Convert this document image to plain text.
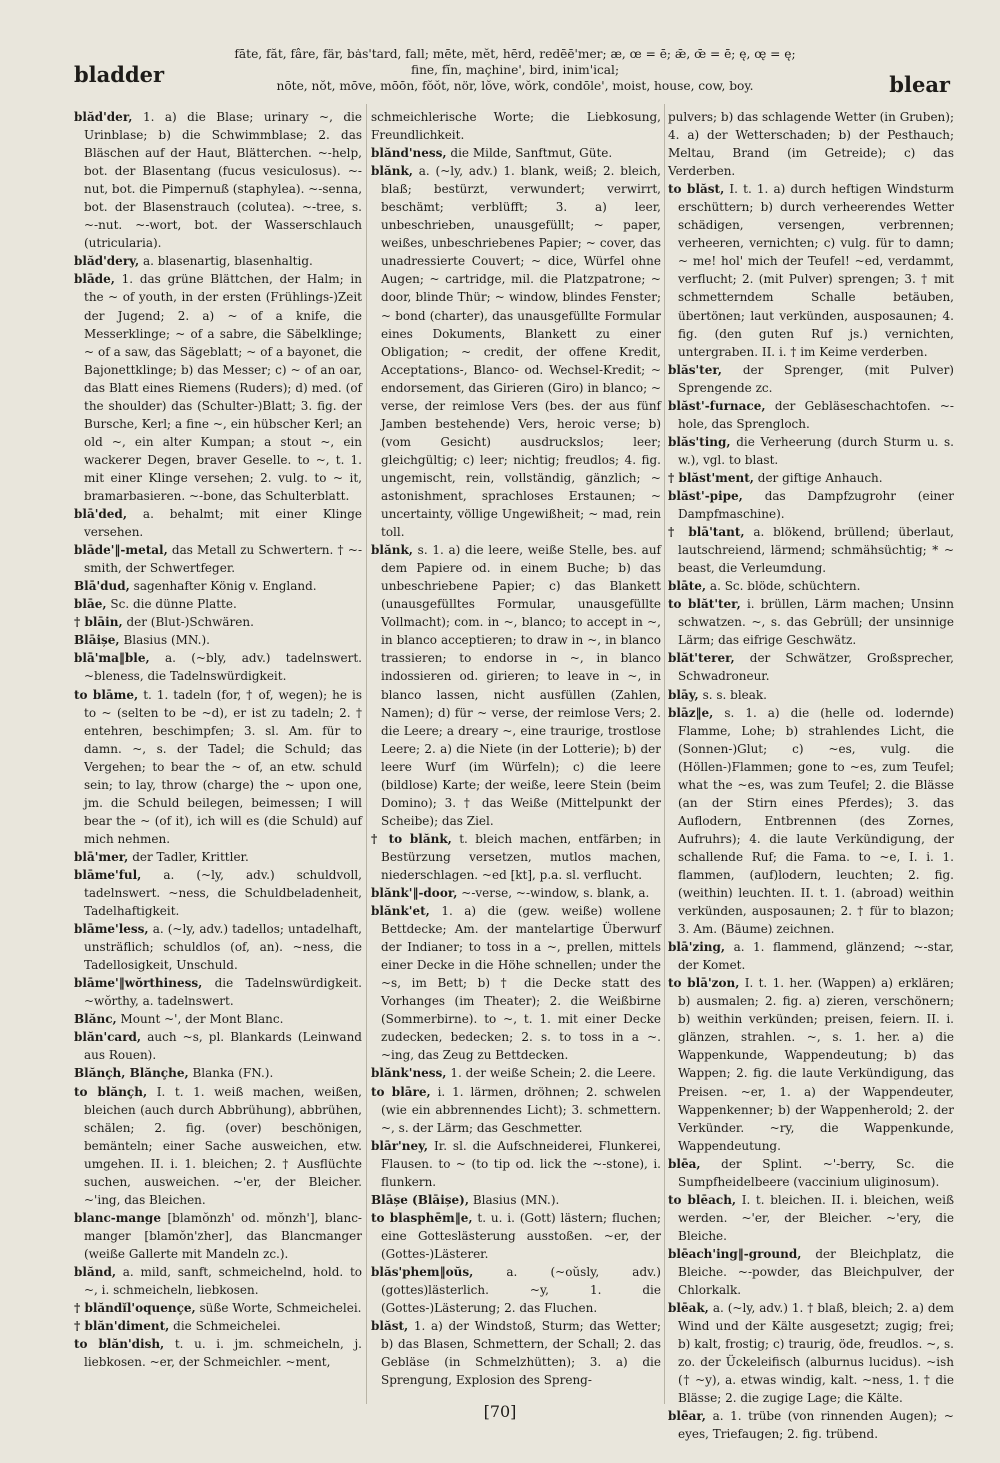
bladder
fāte, făt, fâre, fär, bȧs'tard, fall; mēte, mĕt, hērd, redēē'mer; æ, œ = ē; ǣ, œ̄ = ē; ę, œ̨ = ę;
fine, fĭn, maçhine', bird, inim'ical;
nōte, nŏt, mōve, mōōn, fŏŏt, nör, lŏve, wŏrk, condōle', moist, house, cow, boy.	blear

blăd'der, 1. a) die Blase; urinary ~, die Urinblase; b) die Schwimmblase; 2. das Bläschen auf der Haut, Blätterchen. ~-help, bot. der Blasentang (fucus vesiculosus). ~-nut, bot. die Pimpernuß (staphylea). ~-senna, bot. der Blasenstrauch (colutea). ~-tree, s. ~-nut. ~-wort, bot. der Wasserschlauch (utricularia).

blăd'dery, a. blasenartig, blasenhaltig.

blāde, 1. das grüne Blättchen, der Halm; in the ~ of youth, in der ersten (Frühlings-)Zeit der Jugend; 2. a) ~ of a knife, die Messerklinge; ~ of a sabre, die Säbelklinge; ~ of a saw, das Sägeblatt; ~ of a bayonet, die Bajonettklinge; b) das Messer; c) ~ of an oar, das Blatt eines Riemens (Ruders); d) med. (of the shoulder) das (Schulter-)Blatt; 3. fig. der Bursche, Kerl; a fine ~, ein hübscher Kerl; an old ~, ein alter Kumpan; a stout ~, ein wackerer Degen, braver Geselle. to ~, t. 1. mit einer Klinge versehen; 2. vulg. to ~ it, bramarbasieren. ~-bone, das Schulterblatt.

blā'ded, a. behalmt; mit einer Klinge versehen.

blāde'‖-metal, das Metall zu Schwertern. † ~-smith, der Schwertfeger.

Blā'dud, sagenhafter König v. England.

blāe, Sc. die dünne Platte.

† blāin, der (Blut-)Schwären.

Blāișe, Blasius (MN.).

blā'ma‖ble, a. (~bly, adv.) tadelnswert. ~bleness, die Tadelnswürdigkeit.

to blāme, t. 1. tadeln (for, † of, wegen); he is to ~ (selten to be ~d), er ist zu tadeln; 2. † entehren, beschimpfen; 3. sl. Am. für to damn. ~, s. der Tadel; die Schuld; das Vergehen; to bear the ~ of, an etw. schuld sein; to lay, throw (charge) the ~ upon one, jm. die Schuld beilegen, beimessen; I will bear the ~ (of it), ich will es (die Schuld) auf mich nehmen.

blā'mer, der Tadler, Krittler.

blāme'ful, a. (~ly, adv.) schuldvoll, tadelnswert. ~ness, die Schuldbeladenheit, Tadelhaftigkeit.

blāme'less, a. (~ly, adv.) tadellos; untadelhaft, unsträflich; schuldlos (of, an). ~ness, die Tadellosigkeit, Unschuld.

blāme'‖wŏrthiness, die Tadelnswürdigkeit. ~wŏrthy, a. tadelnswert.

Blănc, Mount ~', der Mont Blanc.

blăn'card, auch ~s, pl. Blankards (Leinwand aus Rouen).

Blănçh, Blănçhe, Blanka (FN.).

to blănçh, I. t. 1. weiß machen, weißen, bleichen (auch durch Abbrühung), abbrühen, schälen; 2. fig. (over) beschönigen, bemänteln; einer Sache ausweichen, etw. umgehen. II. i. 1. bleichen; 2. † Ausflüchte suchen, ausweichen. ~'er, der Bleicher. ~'ing, das Bleichen.

blanc-mange [blamŏnzh' od. mŏnzh'], blanc-manger [blamŏn'zher], das Blancmanger (weiße Gallerte mit Mandeln zc.).

blănd, a. mild, sanft, schmeichelnd, hold. to ~, i. schmeicheln, liebkosen.

† blăndĭl'oquençe, süße Worte, Schmeichelei.

† blăn'diment, die Schmeichelei.

to blăn'dish, t. u. i. jm. schmeicheln, j. liebkosen. ~er, der Schmeichler. ~ment,

schmeichlerische Worte; die Liebkosung, Freundlichkeit.

blănd'ness, die Milde, Sanftmut, Güte.

blănk, a. (~ly, adv.) 1. blank, weiß; 2. bleich, blaß; bestürzt, verwundert; verwirrt, beschämt; verblüfft; 3. a) leer, unbeschrieben, unausgefüllt; ~ paper, weißes, unbeschriebenes Papier; ~ cover, das unadressierte Couvert; ~ dice, Würfel ohne Augen; ~ cartridge, mil. die Platzpatrone; ~ door, blinde Thür; ~ window, blindes Fenster; ~ bond (charter), das unausgefüllte Formular eines Dokuments, Blankett zu einer Obligation; ~ credit, der offene Kredit, Acceptations-, Blanco- od. Wechsel-Kredit; ~ endorsement, das Girieren (Giro) in blanco; ~ verse, der reimlose Vers (bes. der aus fünf Jamben bestehende) Vers, heroic verse; b) (vom Gesicht) ausdruckslos; leer; gleichgültig; c) leer; nichtig; freudlos; 4. fig. ungemischt, rein, vollständig, gänzlich; ~ astonishment, sprachloses Erstaunen; ~ uncertainty, völlige Ungewißheit; ~ mad, rein toll.

blănk, s. 1. a) die leere, weiße Stelle, bes. auf dem Papiere od. in einem Buche; b) das unbeschriebene Papier; c) das Blankett (unausgefülltes Formular, unausgefüllte Vollmacht); com. in ~, blanco; to accept in ~, in blanco acceptieren; to draw in ~, in blanco trassieren; to endorse in ~, in blanco indossieren od. girieren; to leave in ~, in blanco lassen, nicht ausfüllen (Zahlen, Namen); d) für ~ verse, der reimlose Vers; 2. die Leere; a dreary ~, eine traurige, trostlose Leere; 2. a) die Niete (in der Lotterie); b) der leere Wurf (im Würfeln); c) die leere (bildlose) Karte; der weiße, leere Stein (beim Domino); 3. † das Weiße (Mittelpunkt der Scheibe); das Ziel.

† to blănk, t. bleich machen, entfärben; in Bestürzung versetzen, mutlos machen, niederschlagen. ~ed [kt], p.a. sl. verflucht.

blănk'‖-door, ~-verse, ~-window, s. blank, a.

blănk'et, 1. a) die (gew. weiße) wollene Bettdecke; Am. der mantelartige Überwurf der Indianer; to toss in a ~, prellen, mittels einer Decke in die Höhe schnellen; under the ~s, im Bett; b) † die Decke statt des Vorhanges (im Theater); 2. die Weißbirne (Sommerbirne). to ~, t. 1. mit einer Decke zudecken, bedecken; 2. s. to toss in a ~. ~ing, das Zeug zu Bettdecken.

blănk'ness, 1. der weiße Schein; 2. die Leere.

to blāre, i. 1. lärmen, dröhnen; 2. schwelen (wie ein abbrennendes Licht); 3. schmettern. ~, s. der Lärm; das Geschmetter.

blār'ney, Ir. sl. die Aufschneiderei, Flunkerei, Flausen. to ~ (to tip od. lick the ~-stone), i. flunkern.

Blāșe (Blāișe), Blasius (MN.).

to blasphēm‖e, t. u. i. (Gott) lästern; fluchen; eine Gotteslästerung ausstoßen. ~er, der (Gottes-)Lästerer.

blăs'phem‖oŭs,	a. (~oŭsly, adv.) (gottes)lästerlich. ~y, 1. die (Gottes-)Lästerung; 2. das Fluchen.

blăst, 1. a) der Windstoß, Sturm; das Wetter; b) das Blasen, Schmettern, der Schall; 2. das Gebläse (in Schmelzhütten); 3. a) die Sprengung, Explosion des Spreng-

pulvers; b) das schlagende Wetter (in Gruben); 4. a) der Wetterschaden; b) der Pesthauch; Meltau, Brand (im Getreide); c) das Verderben.

to blăst, I. t. 1. a) durch heftigen Windsturm erschüttern; b) durch verheerendes Wetter schädigen, versengen, verbrennen; verheeren, vernichten; c) vulg. für to damn; ~ me! hol' mich der Teufel! ~ed, verdammt, verflucht; 2. (mit Pulver) sprengen; 3. † mit schmetterndem Schalle betäuben, übertönen; laut verkünden, ausposaunen; 4. fig. (den guten Ruf js.) vernichten, untergraben. II. i. † im Keime verderben.

blăs'ter, der Sprenger, (mit Pulver) Sprengende zc.

blăst'-furnace, der Gebläseschachtofen. ~-hole, das Sprengloch.

blăs'ting, die Verheerung (durch Sturm u. s. w.), vgl. to blast.

† blăst'ment, der giftige Anhauch.

blăst'-pipe, das Dampfzugrohr (einer Dampfmaschine).

† blā'tant, a. blökend, brüllend; überlaut, lautschreiend, lärmend; schmähsüchtig; * ~ beast, die Verleumdung.

blāte, a. Sc. blöde, schüchtern.

to blăt'ter, i. brüllen, Lärm machen; Unsinn schwatzen. ~, s. das Gebrüll; der unsinnige Lärm; das eifrige Geschwätz.

blăt'terer, der Schwätzer, Großsprecher, Schwadroneur.

blāy, s. s. bleak.

blāz‖e, s. 1. a) die (helle od. lodernde) Flamme, Lohe; b) strahlendes Licht, die (Sonnen-)Glut; c) ~es, vulg. die (Höllen-)Flammen; gone to ~es, zum Teufel; what the ~es, was zum Teufel; 2. die Blässe (an der Stirn eines Pferdes); 3. das Auflodern, Entbrennen (des Zornes, Aufruhrs); 4. die laute Verkündigung, der schallende Ruf; die Fama. to ~e, I. i. 1. flammen, (auf)lodern, leuchten; 2. fig. (weithin) leuchten. II. t. 1. (abroad) weithin verkünden, ausposaunen; 2. † für to blazon; 3. Am. (Bäume) zeichnen.

blā'zing, a. 1. flammend, glänzend; ~-star, der Komet.

to blā'zon, I. t. 1. her. (Wappen) a) erklären; b) ausmalen; 2. fig. a) zieren, verschönern; b) weithin verkünden; preisen, feiern. II. i. glänzen, strahlen. ~, s. 1. her. a) die Wappenkunde, Wappendeutung; b) das Wappen; 2. fig. die laute Verkündigung, das Preisen. ~er, 1. a) der Wappendeuter, Wappenkenner; b) der Wappenherold; 2. der Verkünder. ~ry, die Wappenkunde, Wappendeutung.

blēa, der Splint. ~'-berry, Sc. die Sumpfheidelbeere (vaccinium uliginosum).

to blēach, I. t. bleichen. II. i. bleichen, weiß werden. ~'er, der Bleicher. ~'ery, die Bleiche.

blēach'ing‖-ground, der Bleichplatz, die Bleiche. ~-powder, das Bleichpulver, der Chlorkalk.

blēak, a. (~ly, adv.) 1. † blaß, bleich; 2. a) dem Wind und der Kälte ausgesetzt; zugig; frei; b) kalt, frostig; c) traurig, öde, freudlos. ~, s. zo. der Ückeleifisch (alburnus lucidus). ~ish († ~y), a. etwas windig, kalt. ~ness, 1. † die Blässe; 2. die zugige Lage; die Kälte.

blēar, a. 1. trübe (von rinnenden Augen); ~ eyes, Triefaugen; 2. fig. trübend.

[70]
